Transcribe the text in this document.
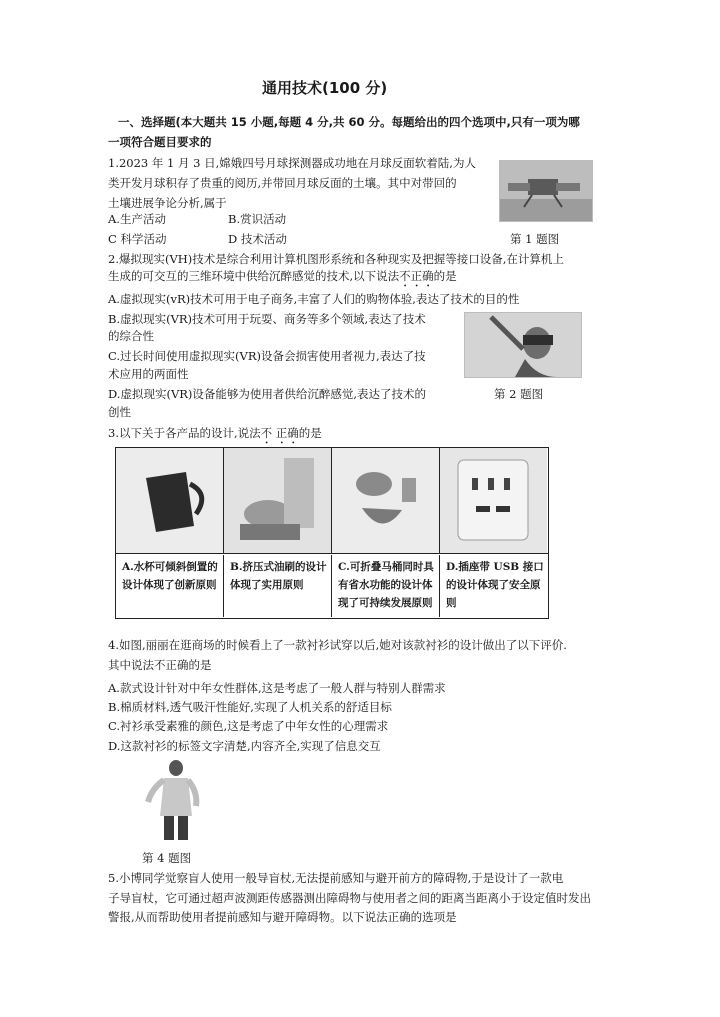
通用技术(100 分)
一、选择题(本大题共 15 小题,每题 4 分,共 60 分。每题给出的四个选项中,只有一项为哪
一项符合题目要求的
1.2023 年 1 月 3 日,嫦娥四号月球探测器成功地在月球反面软着陆,为人
类开发月球积存了贵重的阅历,并带回月球反面的土壤。其中对带回的
土壤进展争论分析,属于
A.生产活动	B.赏识活动
C 科学活动	D 技术活动	第 1 题图
2.爆拟现实(VH)技术是综合利用计算机图形系统和各种现实及把握等接口设备,在计算机上
生成的可交互的三维环境中供给沉醉感觉的技术,以下说法不正确的是
A.虚拟现实(vR)技术可用于电子商务,丰富了人们的购物体验,表达了技术的目的性
B.虚拟现实(VR)技术可用于玩耍、商务等多个领域,表达了技术
的综合性
C.过长时间使用虚拟现实(VR)设备会损害使用者视力,表达了技
术应用的两面性
D.虚拟现实(VR)设备能够为使用者供给沉醉感觉,表达了技术的
创性
第 2 题图
3.以下关于各产品的设计,说法不 正确的是
A.水杯可倾斜倒置的设计体现了创新原则
B.挤压式油刷的设计体现了实用原则
C.可折叠马桶同时具有省水功能的设计体现了可持续发展原则
D.插座带 USB 接口的设计体现了安全原则
4.如图,丽丽在逛商场的时候看上了一款衬衫试穿以后,她对该款衬衫的设计做出了以下评价.
其中说法不正确的是
A.款式设计针对中年女性群体,这是考虑了一般人群与特别人群需求
B.棉质材料,透气吸汗性能好,实现了人机关系的舒适目标
C.衬衫承受素雅的颜色,这是考虑了中年女性的心理需求
D.这款衬衫的标签文字清楚,内容齐全,实现了信息交互
第 4 题图
5.小博同学觉察盲人使用一般导盲杖,无法提前感知与避开前方的障碍物,于是设计了一款电
子导盲杖，它可通过超声波测距传感器测出障碍物与使用者之间的距离当距离小于设定值时发出
警报,从而帮助使用者提前感知与避开障碍物。以下说法正确的选项是
